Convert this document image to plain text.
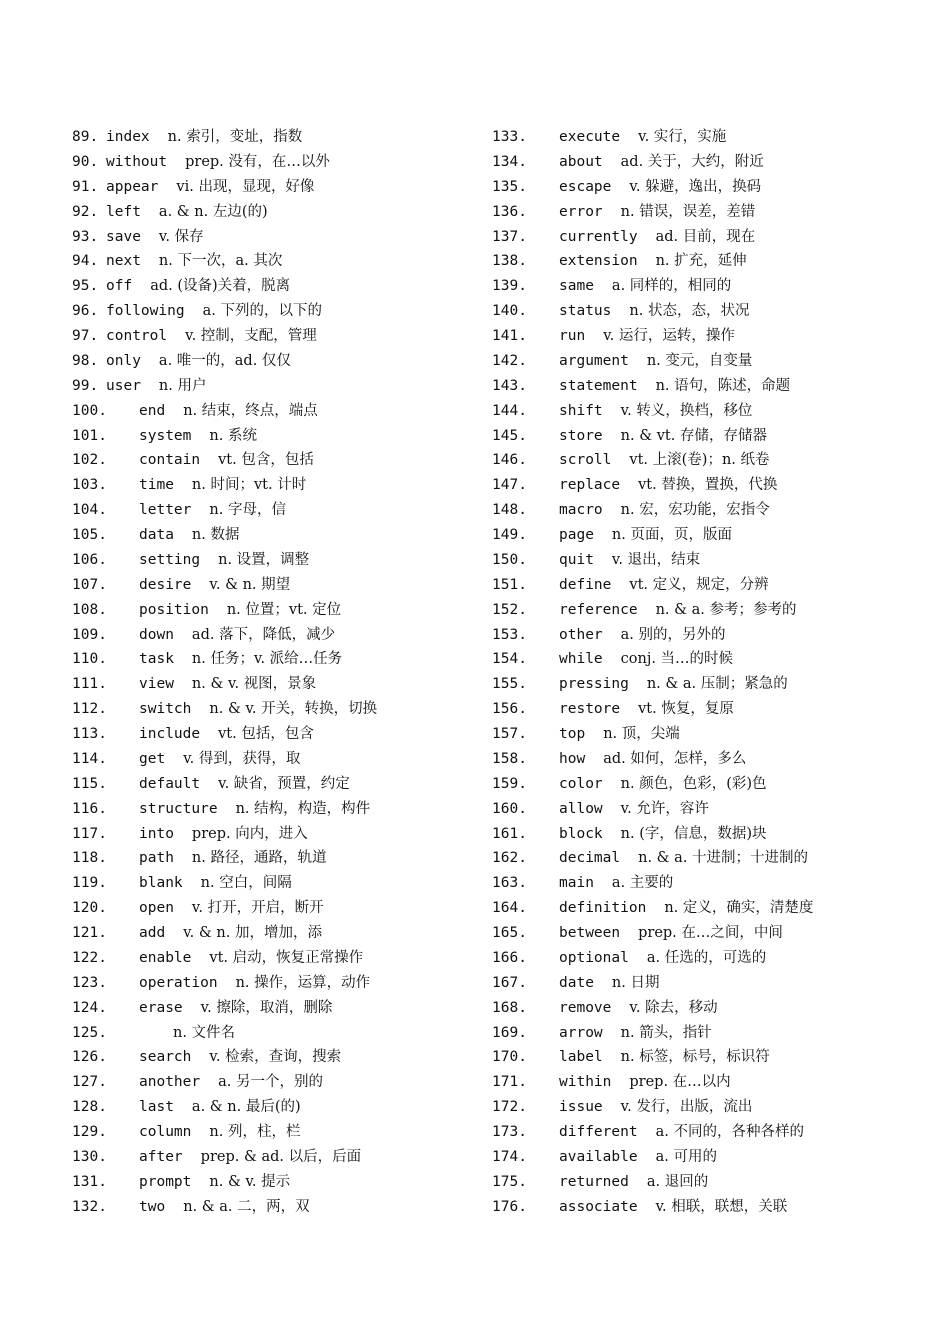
89. index n. 索引，变址，指数
90. without prep. 没有，在…以外
91. appear vi. 出现，显现，好像
92. left a. & n. 左边(的)
93. save v. 保存
94. next n. 下一次，a. 其次
95. off ad. (设备)关着，脱离
96. following a. 下列的，以下的
97. control v. 控制，支配，管理
98. only a. 唯一的，ad. 仅仅
99. user n. 用户
100. end n. 结束，终点，端点
101. system n. 系统
102. contain vt. 包含，包括
103. time n. 时间；vt. 计时
104. letter n. 字母，信
105. data n. 数据
106. setting n. 设置，调整
107. desire v. & n. 期望
108. position n. 位置；vt. 定位
109. down ad. 落下，降低，减少
110. task n. 任务；v. 派给…任务
111. view n. & v. 视图，景象
112. switch n. & v. 开关，转换，切换
113. include vt. 包括，包含
114. get v. 得到，获得，取
115. default v. 缺省，预置，约定
116. structure n. 结构，构造，构件
117. into prep. 向内，进入
118. path n. 路径，通路，轨道
119. blank n. 空白，间隔
120. open v. 打开，开启，断开
121. add v. & n. 加，增加，添
122. enable vt. 启动，恢复正常操作
123. operation n. 操作，运算，动作
124. erase v. 擦除，取消，删除
125.	n. 文件名
126. search v. 检索，查询，搜索
127. another a. 另一个，别的
128. last a. & n. 最后(的)
129. column n. 列，柱，栏
130. after prep. & ad. 以后，后面
131. prompt n. & v. 提示
132. two n. & a. 二，两，双
133. execute v. 实行，实施
134. about ad. 关于，大约，附近
135. escape v. 躲避，逸出，换码
136. error n. 错误，误差，差错
137. currently ad. 目前，现在
138. extension n. 扩充，延伸
139. same a. 同样的，相同的
140. status n. 状态，态，状况
141. run v. 运行，运转，操作
142. argument n. 变元，自变量
143. statement n. 语句，陈述，命题
144. shift v. 转义，换档，移位
145. store n. & vt. 存储，存储器
146. scroll vt. 上滚(卷)；n. 纸卷
147. replace vt. 替换，置换，代换
148. macro n. 宏，宏功能，宏指令
149. page n. 页面，页，版面
150. quit v. 退出，结束
151. define vt. 定义，规定，分辨
152. reference n. & a. 参考；参考的
153. other a. 别的，另外的
154. while conj. 当…的时候
155. pressing n. & a. 压制；紧急的
156. restore vt. 恢复，复原
157. top n. 顶，尖端
158. how ad. 如何，怎样，多么
159. color n. 颜色，色彩，(彩)色
160. allow v. 允许，容许
161. block n. (字，信息，数据)块
162. decimal n. & a. 十进制；十进制的
163. main a. 主要的
164. definition n. 定义，确实，清楚度
165. between prep. 在…之间，中间
166. optional a. 任选的，可选的
167. date n. 日期
168. remove v. 除去，移动
169. arrow n. 箭头，指针
170. label n. 标签，标号，标识符
171. within prep. 在…以内
172. issue v. 发行，出版，流出
173. different a. 不同的，各种各样的
174. available a. 可用的
175. returned a. 退回的
176. associate v. 相联，联想，关联
